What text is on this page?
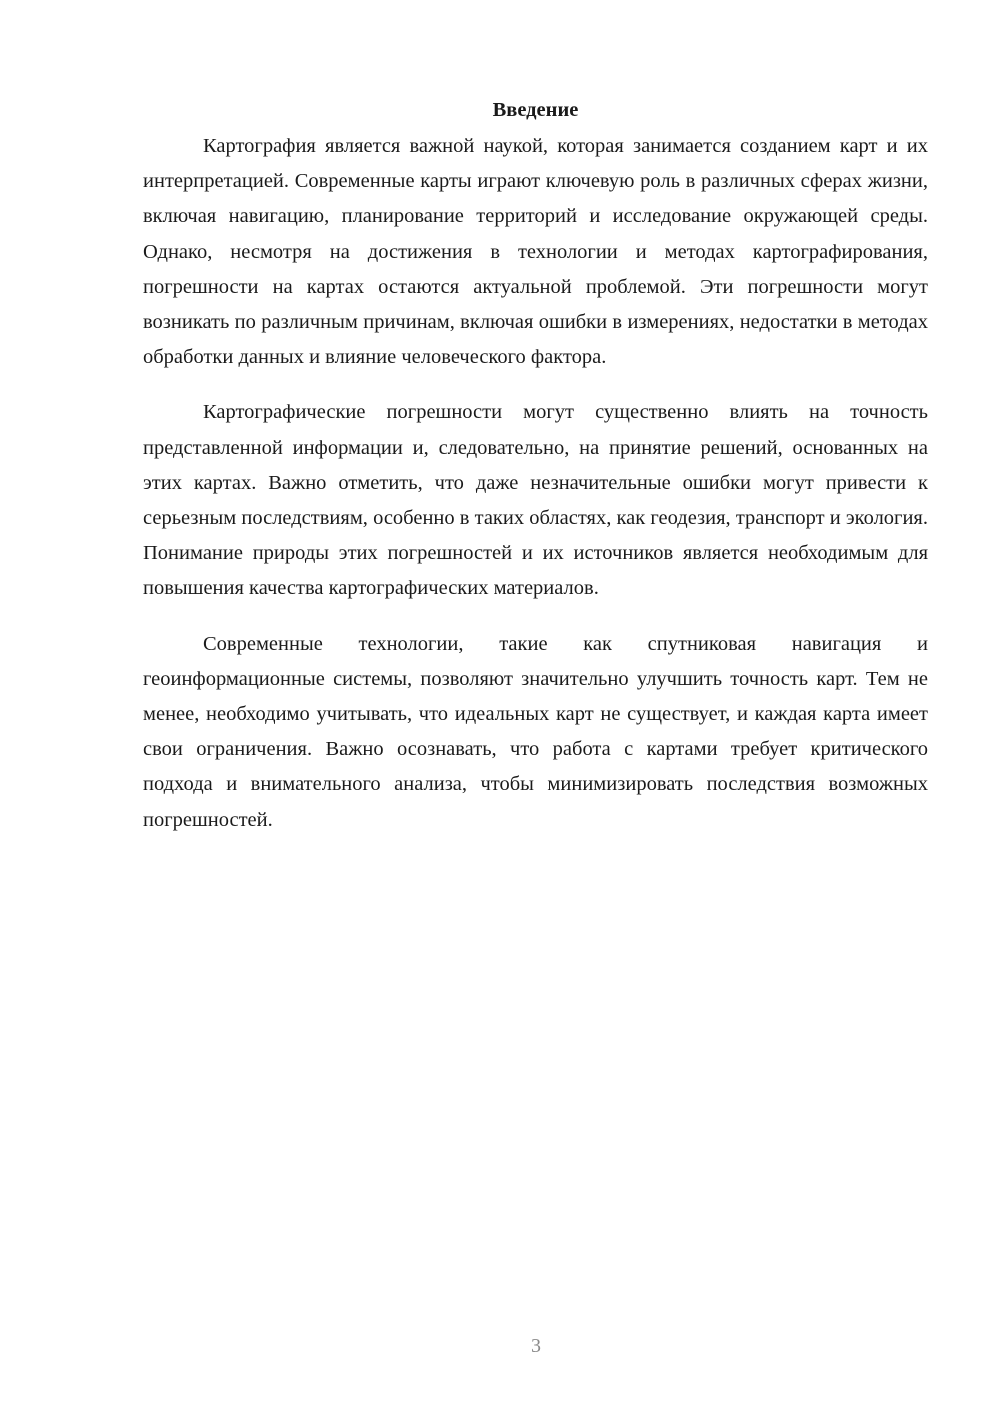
Введение

Картография является важной наукой, которая занимается созданием карт и их интерпретацией. Современные карты играют ключевую роль в различных сферах жизни, включая навигацию, планирование территорий и исследование окружающей среды. Однако, несмотря на достижения в технологии и методах картографирования, погрешности на картах остаются актуальной проблемой. Эти погрешности могут возникать по различным причинам, включая ошибки в измерениях, недостатки в методах обработки данных и влияние человеческого фактора.

Картографические погрешности могут существенно влиять на точность представленной информации и, следовательно, на принятие решений, основанных на этих картах. Важно отметить, что даже незначительные ошибки могут привести к серьезным последствиям, особенно в таких областях, как геодезия, транспорт и экология. Понимание природы этих погрешностей и их источников является необходимым для повышения качества картографических материалов.

Современные технологии, такие как спутниковая навигация и геоинформационные системы, позволяют значительно улучшить точность карт. Тем не менее, необходимо учитывать, что идеальных карт не существует, и каждая карта имеет свои ограничения. Важно осознавать, что работа с картами требует критического подхода и внимательного анализа, чтобы минимизировать последствия возможных погрешностей.

3
